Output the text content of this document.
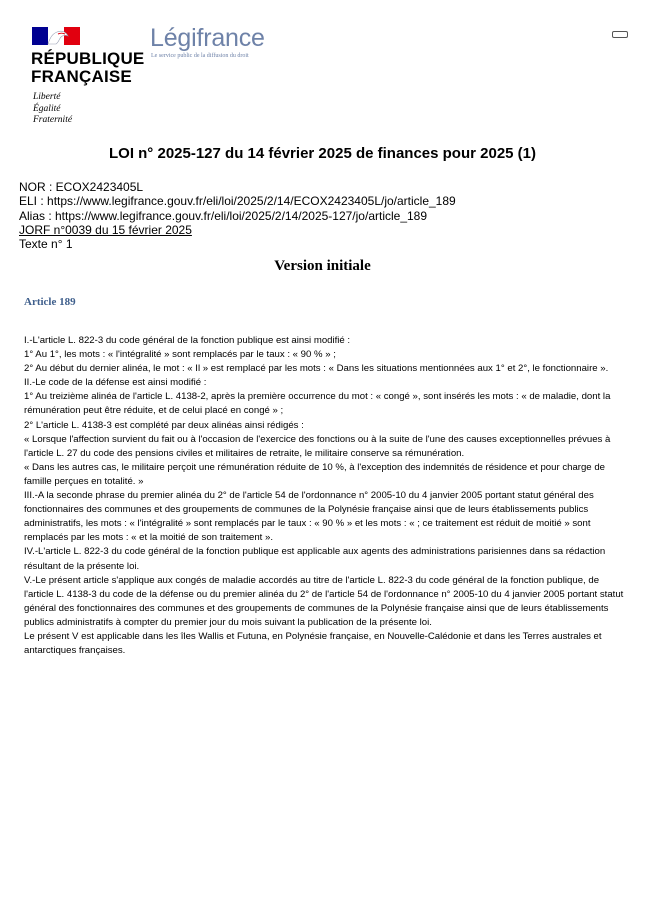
RÉPUBLIQUE
FRANÇAISE
Liberté
Égalité
Fraternité
Légifrance
Le service public de la diffusion du droit
LOI n° 2025-127 du 14 février 2025 de finances pour 2025 (1)
NOR : ECOX2423405L
ELI : https://www.legifrance.gouv.fr/eli/loi/2025/2/14/ECOX2423405L/jo/article_189
Alias : https://www.legifrance.gouv.fr/eli/loi/2025/2/14/2025-127/jo/article_189
JORF n°0039 du 15 février 2025
Texte n° 1
Version initiale
Article 189

I.-L'article L. 822-3 du code général de la fonction publique est ainsi modifié :

1° Au 1°, les mots : « l'intégralité » sont remplacés par le taux : « 90 % » ;

2° Au début du dernier alinéa, le mot : « Il » est remplacé par les mots : « Dans les situations mentionnées aux 1° et 2°, le fonctionnaire ».

II.-Le code de la défense est ainsi modifié :

1° Au treizième alinéa de l'article L. 4138-2, après la première occurrence du mot : « congé », sont insérés les mots : « de maladie, dont la rémunération peut être réduite, et de celui placé en congé » ;

2° L'article L. 4138-3 est complété par deux alinéas ainsi rédigés :

« Lorsque l'affection survient du fait ou à l'occasion de l'exercice des fonctions ou à la suite de l'une des causes exceptionnelles prévues à l'article L. 27 du code des pensions civiles et militaires de retraite, le militaire conserve sa rémunération.

« Dans les autres cas, le militaire perçoit une rémunération réduite de 10 %, à l'exception des indemnités de résidence et pour charge de famille perçues en totalité. »

III.-A la seconde phrase du premier alinéa du 2° de l'article 54 de l'ordonnance n° 2005-10 du 4 janvier 2005 portant statut général des fonctionnaires des communes et des groupements de communes de la Polynésie française ainsi que de leurs établissements publics administratifs, les mots : « l'intégralité » sont remplacés par le taux : « 90 % » et les mots : « ; ce traitement est réduit de moitié » sont remplacés par les mots : « et la moitié de son traitement ».

IV.-L'article L. 822-3 du code général de la fonction publique est applicable aux agents des administrations parisiennes dans sa rédaction résultant de la présente loi.

V.-Le présent article s'applique aux congés de maladie accordés au titre de l'article L. 822-3 du code général de la fonction publique, de l'article L. 4138-3 du code de la défense ou du premier alinéa du 2° de l'article 54 de l'ordonnance n° 2005-10 du 4 janvier 2005 portant statut général des fonctionnaires des communes et des groupements de communes de la Polynésie française ainsi que de leurs établissements publics administratifs à compter du premier jour du mois suivant la publication de la présente loi.

Le présent V est applicable dans les îles Wallis et Futuna, en Polynésie française, en Nouvelle-Calédonie et dans les Terres australes et antarctiques françaises.
